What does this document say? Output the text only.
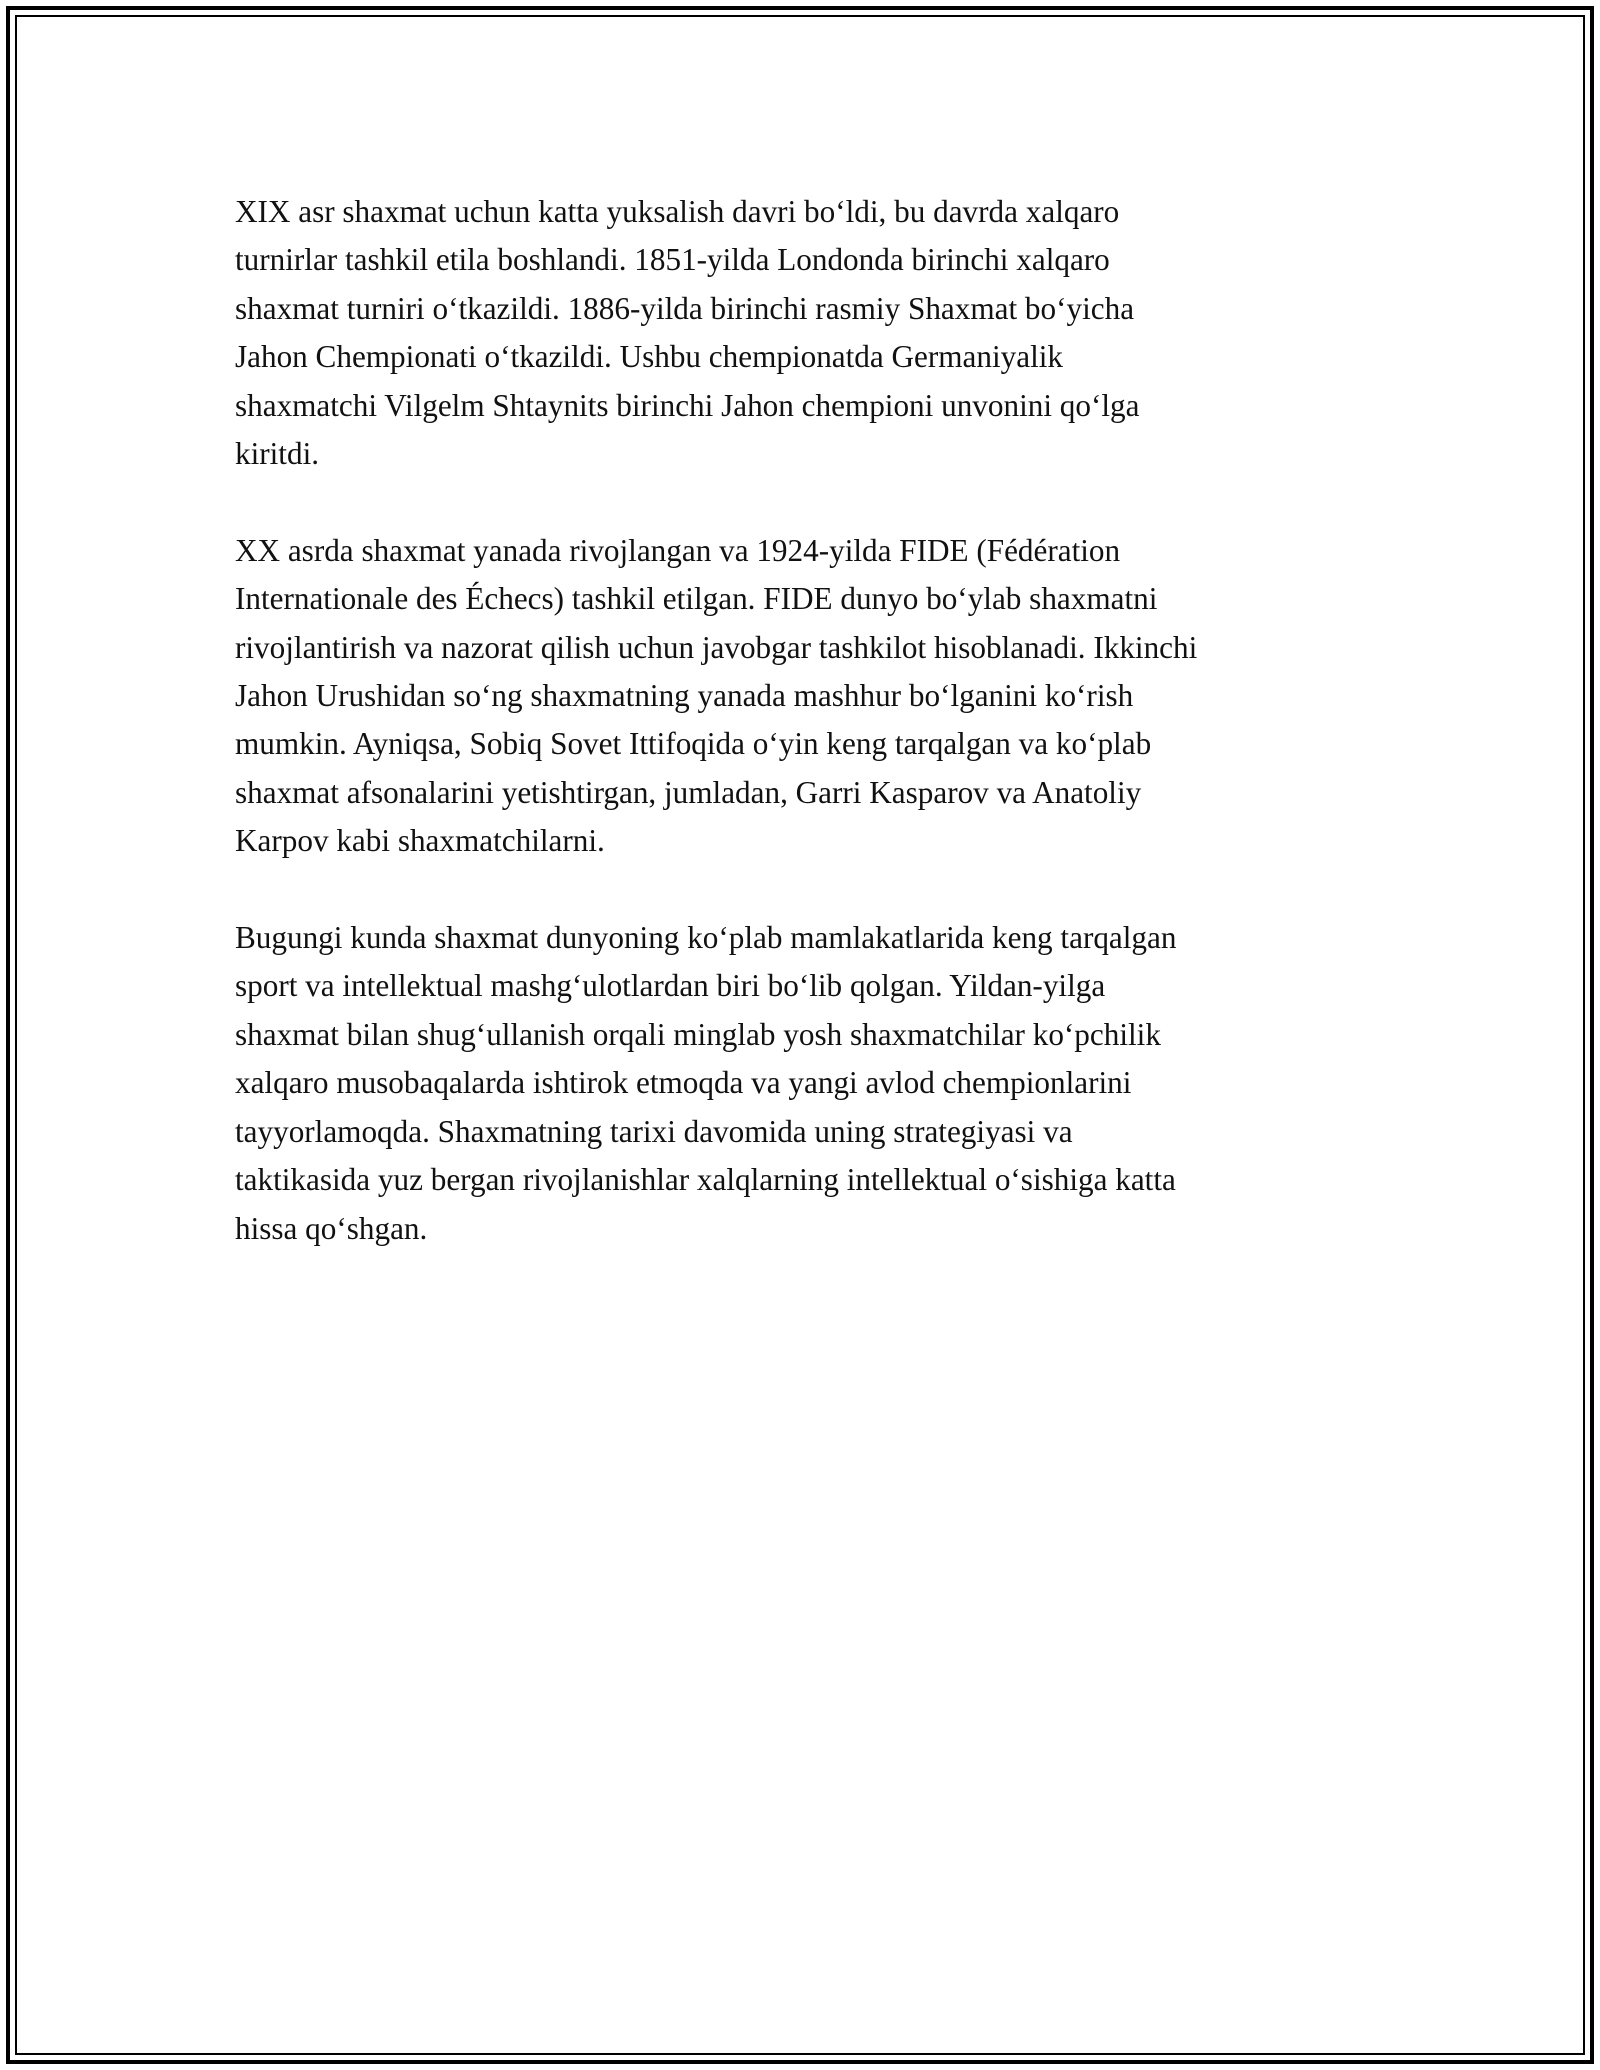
XIX asr shaxmat uchun katta yuksalish davri bo‘ldi, bu davrda xalqaro
turnirlar tashkil etila boshlandi. 1851-yilda Londonda birinchi xalqaro
shaxmat turniri o‘tkazildi. 1886-yilda birinchi rasmiy Shaxmat bo‘yicha
Jahon Chempionati o‘tkazildi. Ushbu chempionatda Germaniyalik
shaxmatchi Vilgelm Shtaynits birinchi Jahon chempioni unvonini qo‘lga
kiritdi.

XX asrda shaxmat yanada rivojlangan va 1924-yilda FIDE (Fédération
Internationale des Échecs) tashkil etilgan. FIDE dunyo bo‘ylab shaxmatni
rivojlantirish va nazorat qilish uchun javobgar tashkilot hisoblanadi. Ikkinchi
Jahon Urushidan so‘ng shaxmatning yanada mashhur bo‘lganini ko‘rish
mumkin. Ayniqsa, Sobiq Sovet Ittifoqida o‘yin keng tarqalgan va ko‘plab
shaxmat afsonalarini yetishtirgan, jumladan, Garri Kasparov va Anatoliy
Karpov kabi shaxmatchilarni.

Bugungi kunda shaxmat dunyoning ko‘plab mamlakatlarida keng tarqalgan
sport va intellektual mashg‘ulotlardan biri bo‘lib qolgan. Yildan-yilga
shaxmat bilan shug‘ullanish orqali minglab yosh shaxmatchilar ko‘pchilik
xalqaro musobaqalarda ishtirok etmoqda va yangi avlod chempionlarini
tayyorlamoqda. Shaxmatning tarixi davomida uning strategiyasi va
taktikasida yuz bergan rivojlanishlar xalqlarning intellektual o‘sishiga katta
hissa qo‘shgan.
